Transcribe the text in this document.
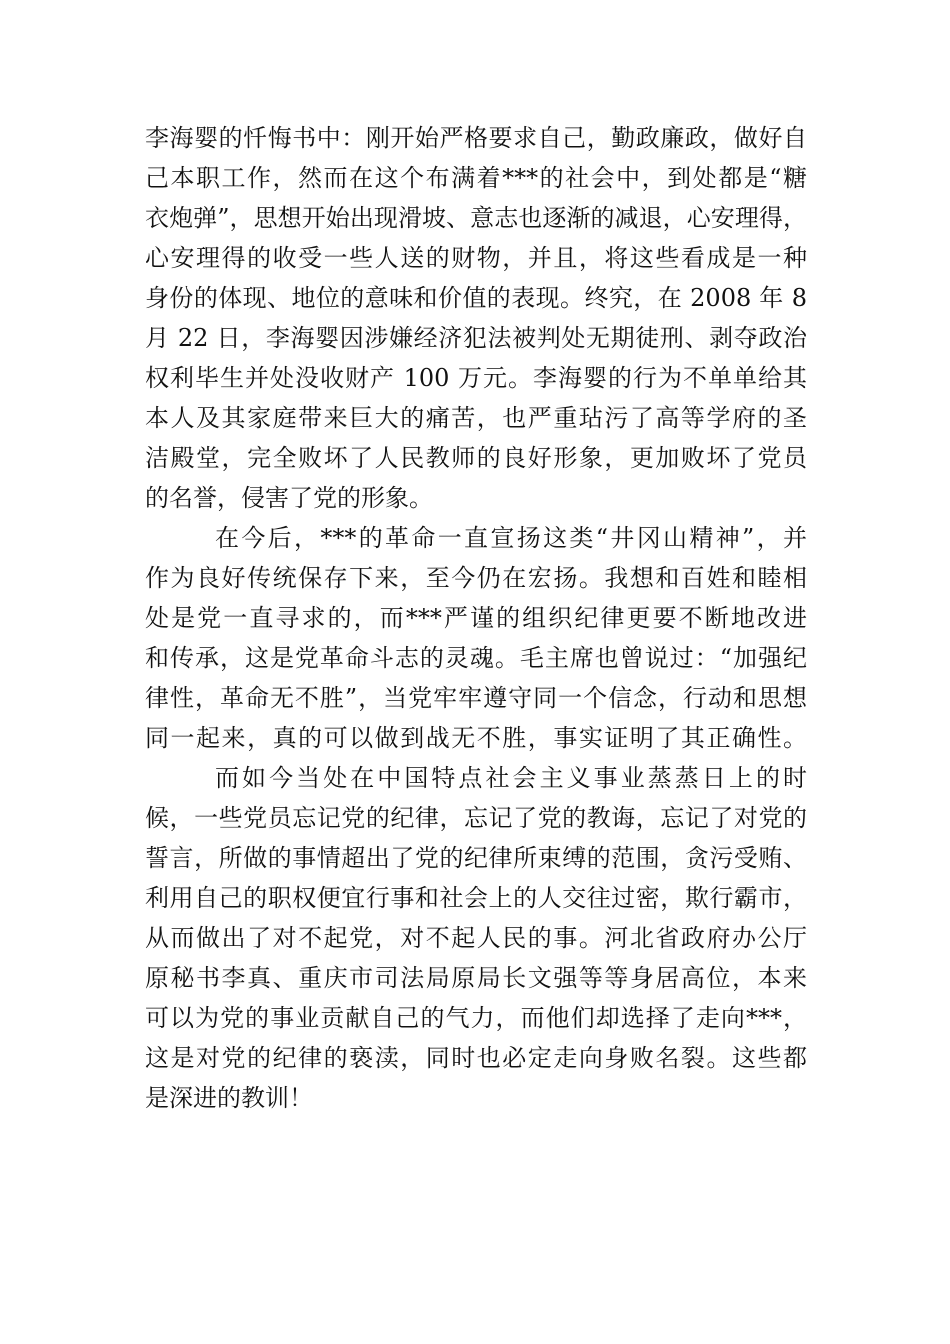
李海婴的忏悔书中：刚开始严格要求自己，勤政廉政，做好自
己本职工作，然而在这个布满着***的社会中，到处都是“糖
衣炮弹”，思想开始出现滑坡、意志也逐渐的减退，心安理得，
心安理得的收受一些人送的财物，并且，将这些看成是一种
身份的体现、地位的意味和价值的表现。终究，在 2008 年 8
月 22 日，李海婴因涉嫌经济犯法被判处无期徒刑、剥夺政治
权利毕生并处没收财产 100 万元。李海婴的行为不单单给其
本人及其家庭带来巨大的痛苦，也严重玷污了高等学府的圣
洁殿堂，完全败坏了人民教师的良好形象，更加败坏了党员
的名誉，侵害了党的形象。
在今后，***的革命一直宣扬这类“井冈山精神”，并
作为良好传统保存下来，至今仍在宏扬。我想和百姓和睦相
处是党一直寻求的，而***严谨的组织纪律更要不断地改进
和传承，这是党革命斗志的灵魂。毛主席也曾说过：“加强纪
律性，革命无不胜”，当党牢牢遵守同一个信念，行动和思想
同一起来，真的可以做到战无不胜，事实证明了其正确性。
而如今当处在中国特点社会主义事业蒸蒸日上的时
候，一些党员忘记党的纪律，忘记了党的教诲，忘记了对党的
誓言，所做的事情超出了党的纪律所束缚的范围，贪污受贿、
利用自己的职权便宜行事和社会上的人交往过密，欺行霸市，
从而做出了对不起党，对不起人民的事。河北省政府办公厅
原秘书李真、重庆市司法局原局长文强等等身居高位，本来
可以为党的事业贡献自己的气力，而他们却选择了走向***，
这是对党的纪律的亵渎，同时也必定走向身败名裂。这些都
是深进的教训！
